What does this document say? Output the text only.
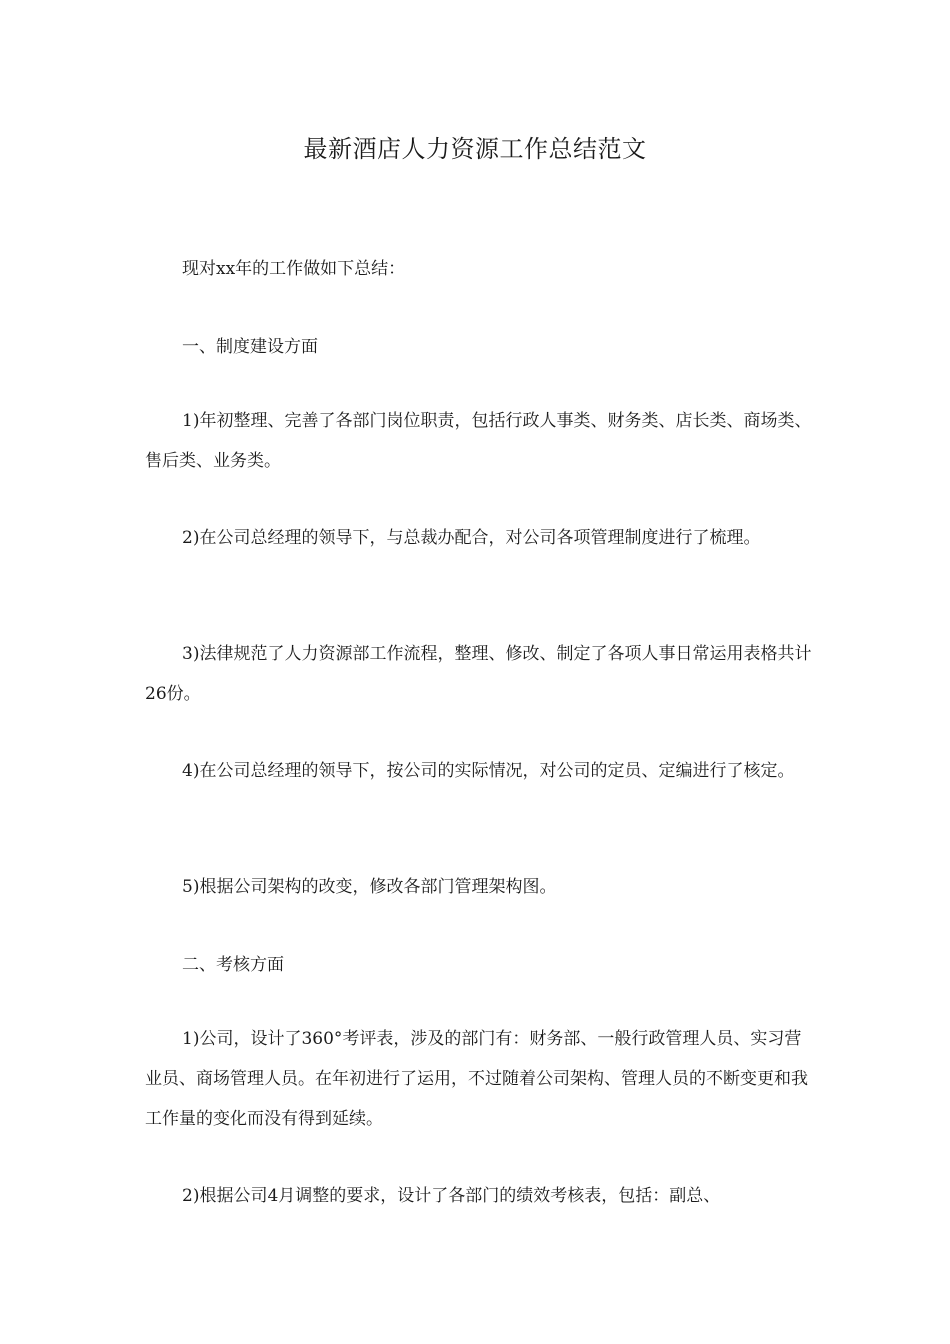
最新酒店人力资源工作总结范文

现对xx年的工作做如下总结：

一、制度建设方面

1)年初整理、完善了各部门岗位职责，包括行政人事类、财务类、店长类、商场类、售后类、业务类。

2)在公司总经理的领导下，与总裁办配合，对公司各项管理制度进行了梳理。

3)法律规范了人力资源部工作流程，整理、修改、制定了各项人事日常运用表格共计26份。

4)在公司总经理的领导下，按公司的实际情况，对公司的定员、定编进行了核定。

5)根据公司架构的改变，修改各部门管理架构图。

二、考核方面

1)公司，设计了360°考评表，涉及的部门有：财务部、一般行政管理人员、实习营业员、商场管理人员。在年初进行了运用，不过随着公司架构、管理人员的不断变更和我工作量的变化而没有得到延续。

2)根据公司4月调整的要求，设计了各部门的绩效考核表，包括：副总、
